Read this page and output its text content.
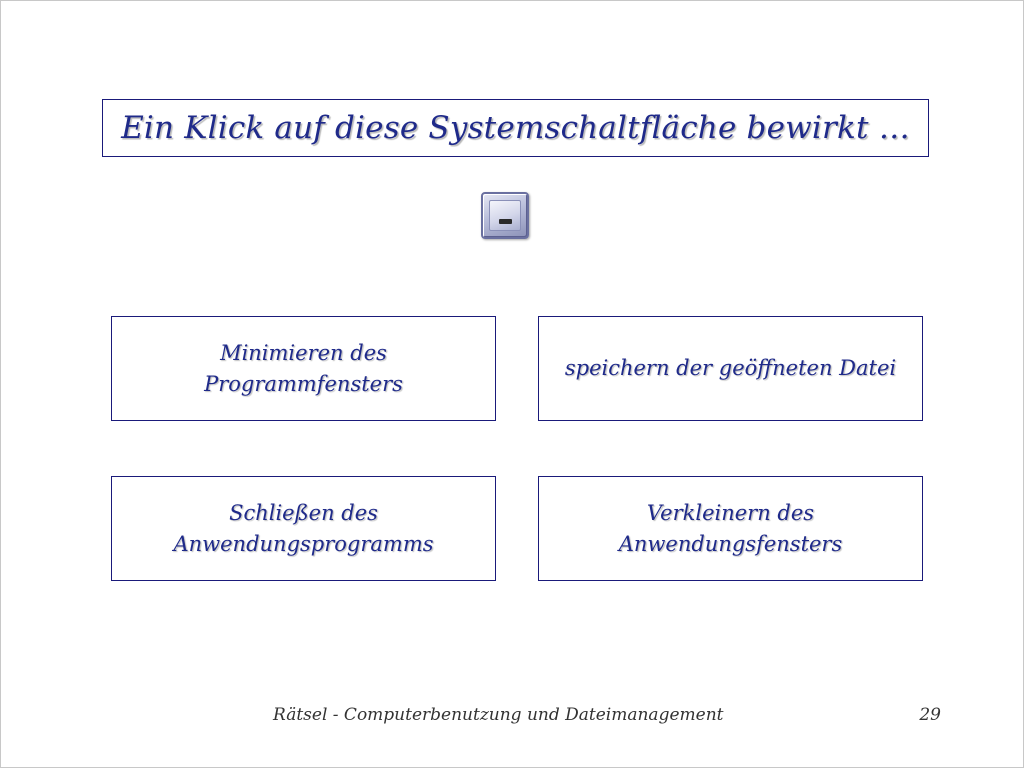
Ein Klick auf diese Systemschaltfläche bewirkt …
Minimieren des
Programmfensters
speichern der geöffneten Datei
Schließen des
Anwendungsprogramms
Verkleinern des
Anwendungsfensters
Rätsel - Computerbenutzung und Dateimanagement	29
